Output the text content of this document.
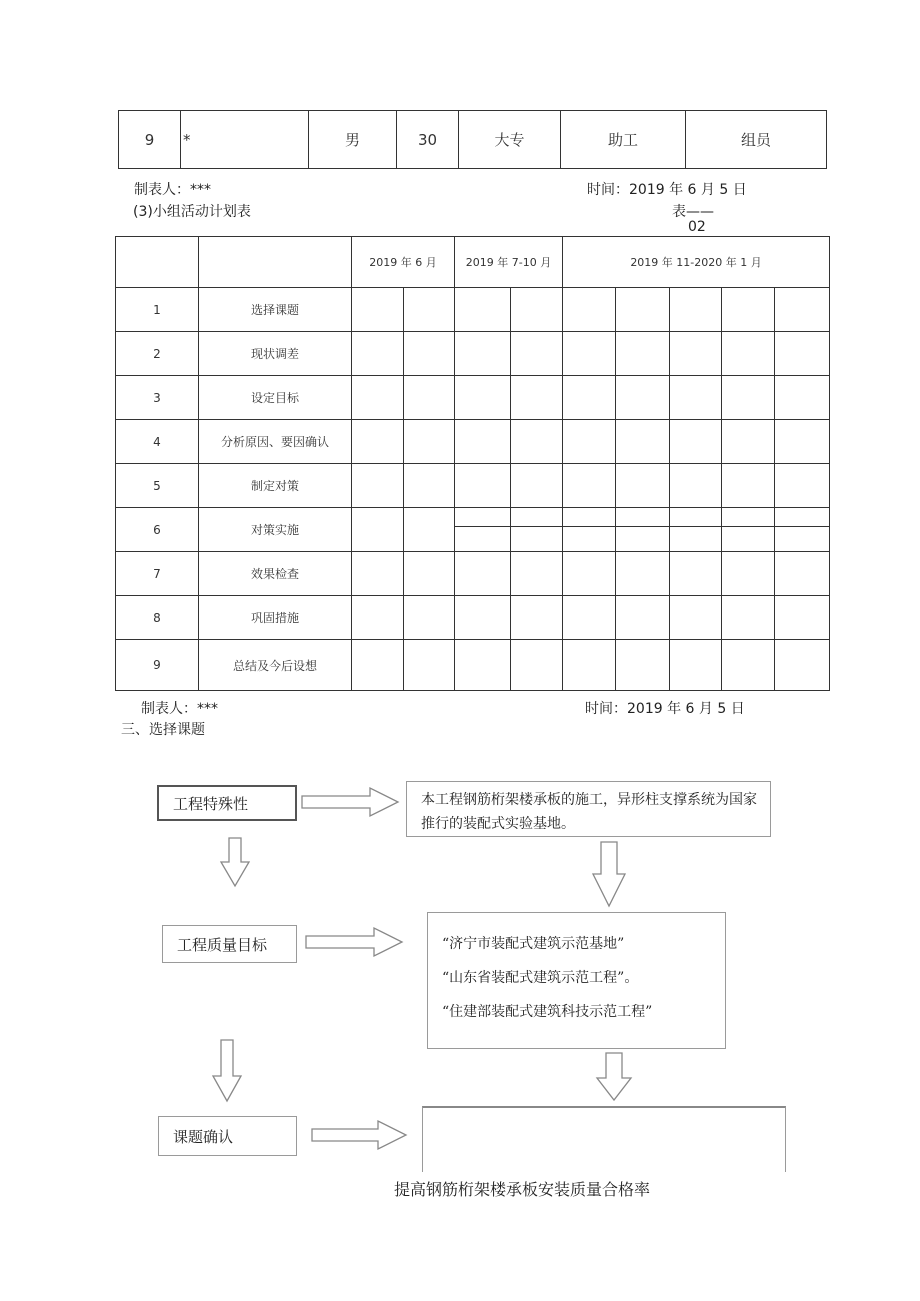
9	*	男	30	大专	助工	组员
制表人：***	时间：2019 年 6 月 5 日
(3)小组活动计划表	表——
02
		2019 年 6 月		2019 年 7-10 月		2019 年 11-2020 年 1 月				
1	选择课题									
2	现状调差									
3	设定目标									
4	分析原因、要因确认									
5	制定对策									
6	对策实施			

7	效果检查									
8	巩固措施									
9	总结及今后设想									
制表人：***	时间：2019 年 6 月 5 日
三、选择课题
工程特殊性	本工程钢筋桁架楼承板的施工，异形柱支撑系统为国家推行的装配式实验基地。
工程质量目标	“济宁市装配式建筑示范基地”
“山东省装配式建筑示范工程”。
“住建部装配式建筑科技示范工程”
课题确认
提高钢筋桁架楼承板安装质量合格率
